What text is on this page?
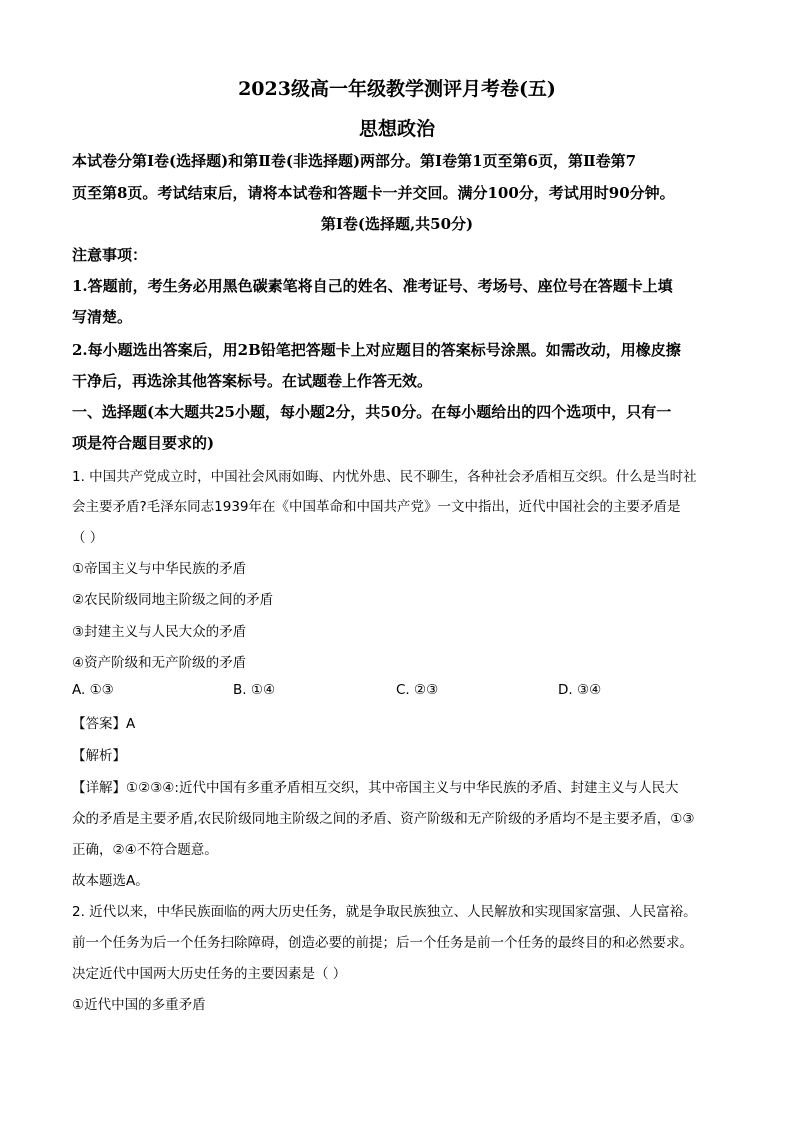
2023级高一年级教学测评月考卷(五)
思想政治
本试卷分第Ⅰ卷(选择题)和第Ⅱ卷(非选择题)两部分。第Ⅰ卷第1页至第6页，第Ⅱ卷第7
页至第8页。考试结束后，请将本试卷和答题卡一并交回。满分100分，考试用时90分钟。
第Ⅰ卷(选择题,共50分)
注意事项：
1.答题前，考生务必用黑色碳素笔将自己的姓名、准考证号、考场号、座位号在答题卡上填
写清楚。
2.每小题选出答案后，用2B铅笔把答题卡上对应题目的答案标号涂黑。如需改动，用橡皮擦
干净后，再选涂其他答案标号。在试题卷上作答无效。
一、选择题(本大题共25小题，每小题2分，共50分。在每小题给出的四个选项中，只有一
项是符合题目要求的)
1. 中国共产党成立时，中国社会风雨如晦、内忧外患、民不聊生，各种社会矛盾相互交织。什么是当时社
会主要矛盾?毛泽东同志1939年在《中国革命和中国共产党》一文中指出，近代中国社会的主要矛盾是
（ ）
①帝国主义与中华民族的矛盾
②农民阶级同地主阶级之间的矛盾
③封建主义与人民大众的矛盾
④资产阶级和无产阶级的矛盾
A. ①③	B. ①④	C. ②③	D. ③④
【答案】A
【解析】
【详解】①②③④:近代中国有多重矛盾相互交织，其中帝国主义与中华民族的矛盾、封建主义与人民大
众的矛盾是主要矛盾,农民阶级同地主阶级之间的矛盾、资产阶级和无产阶级的矛盾均不是主要矛盾，①③
正确，②④不符合题意。
故本题选A。
2. 近代以来，中华民族面临的两大历史任务，就是争取民族独立、人民解放和实现国家富强、人民富裕。
前一个任务为后一个任务扫除障碍，创造必要的前提；后一个任务是前一个任务的最终目的和必然要求。
决定近代中国两大历史任务的主要因素是（ ）
①近代中国的多重矛盾
